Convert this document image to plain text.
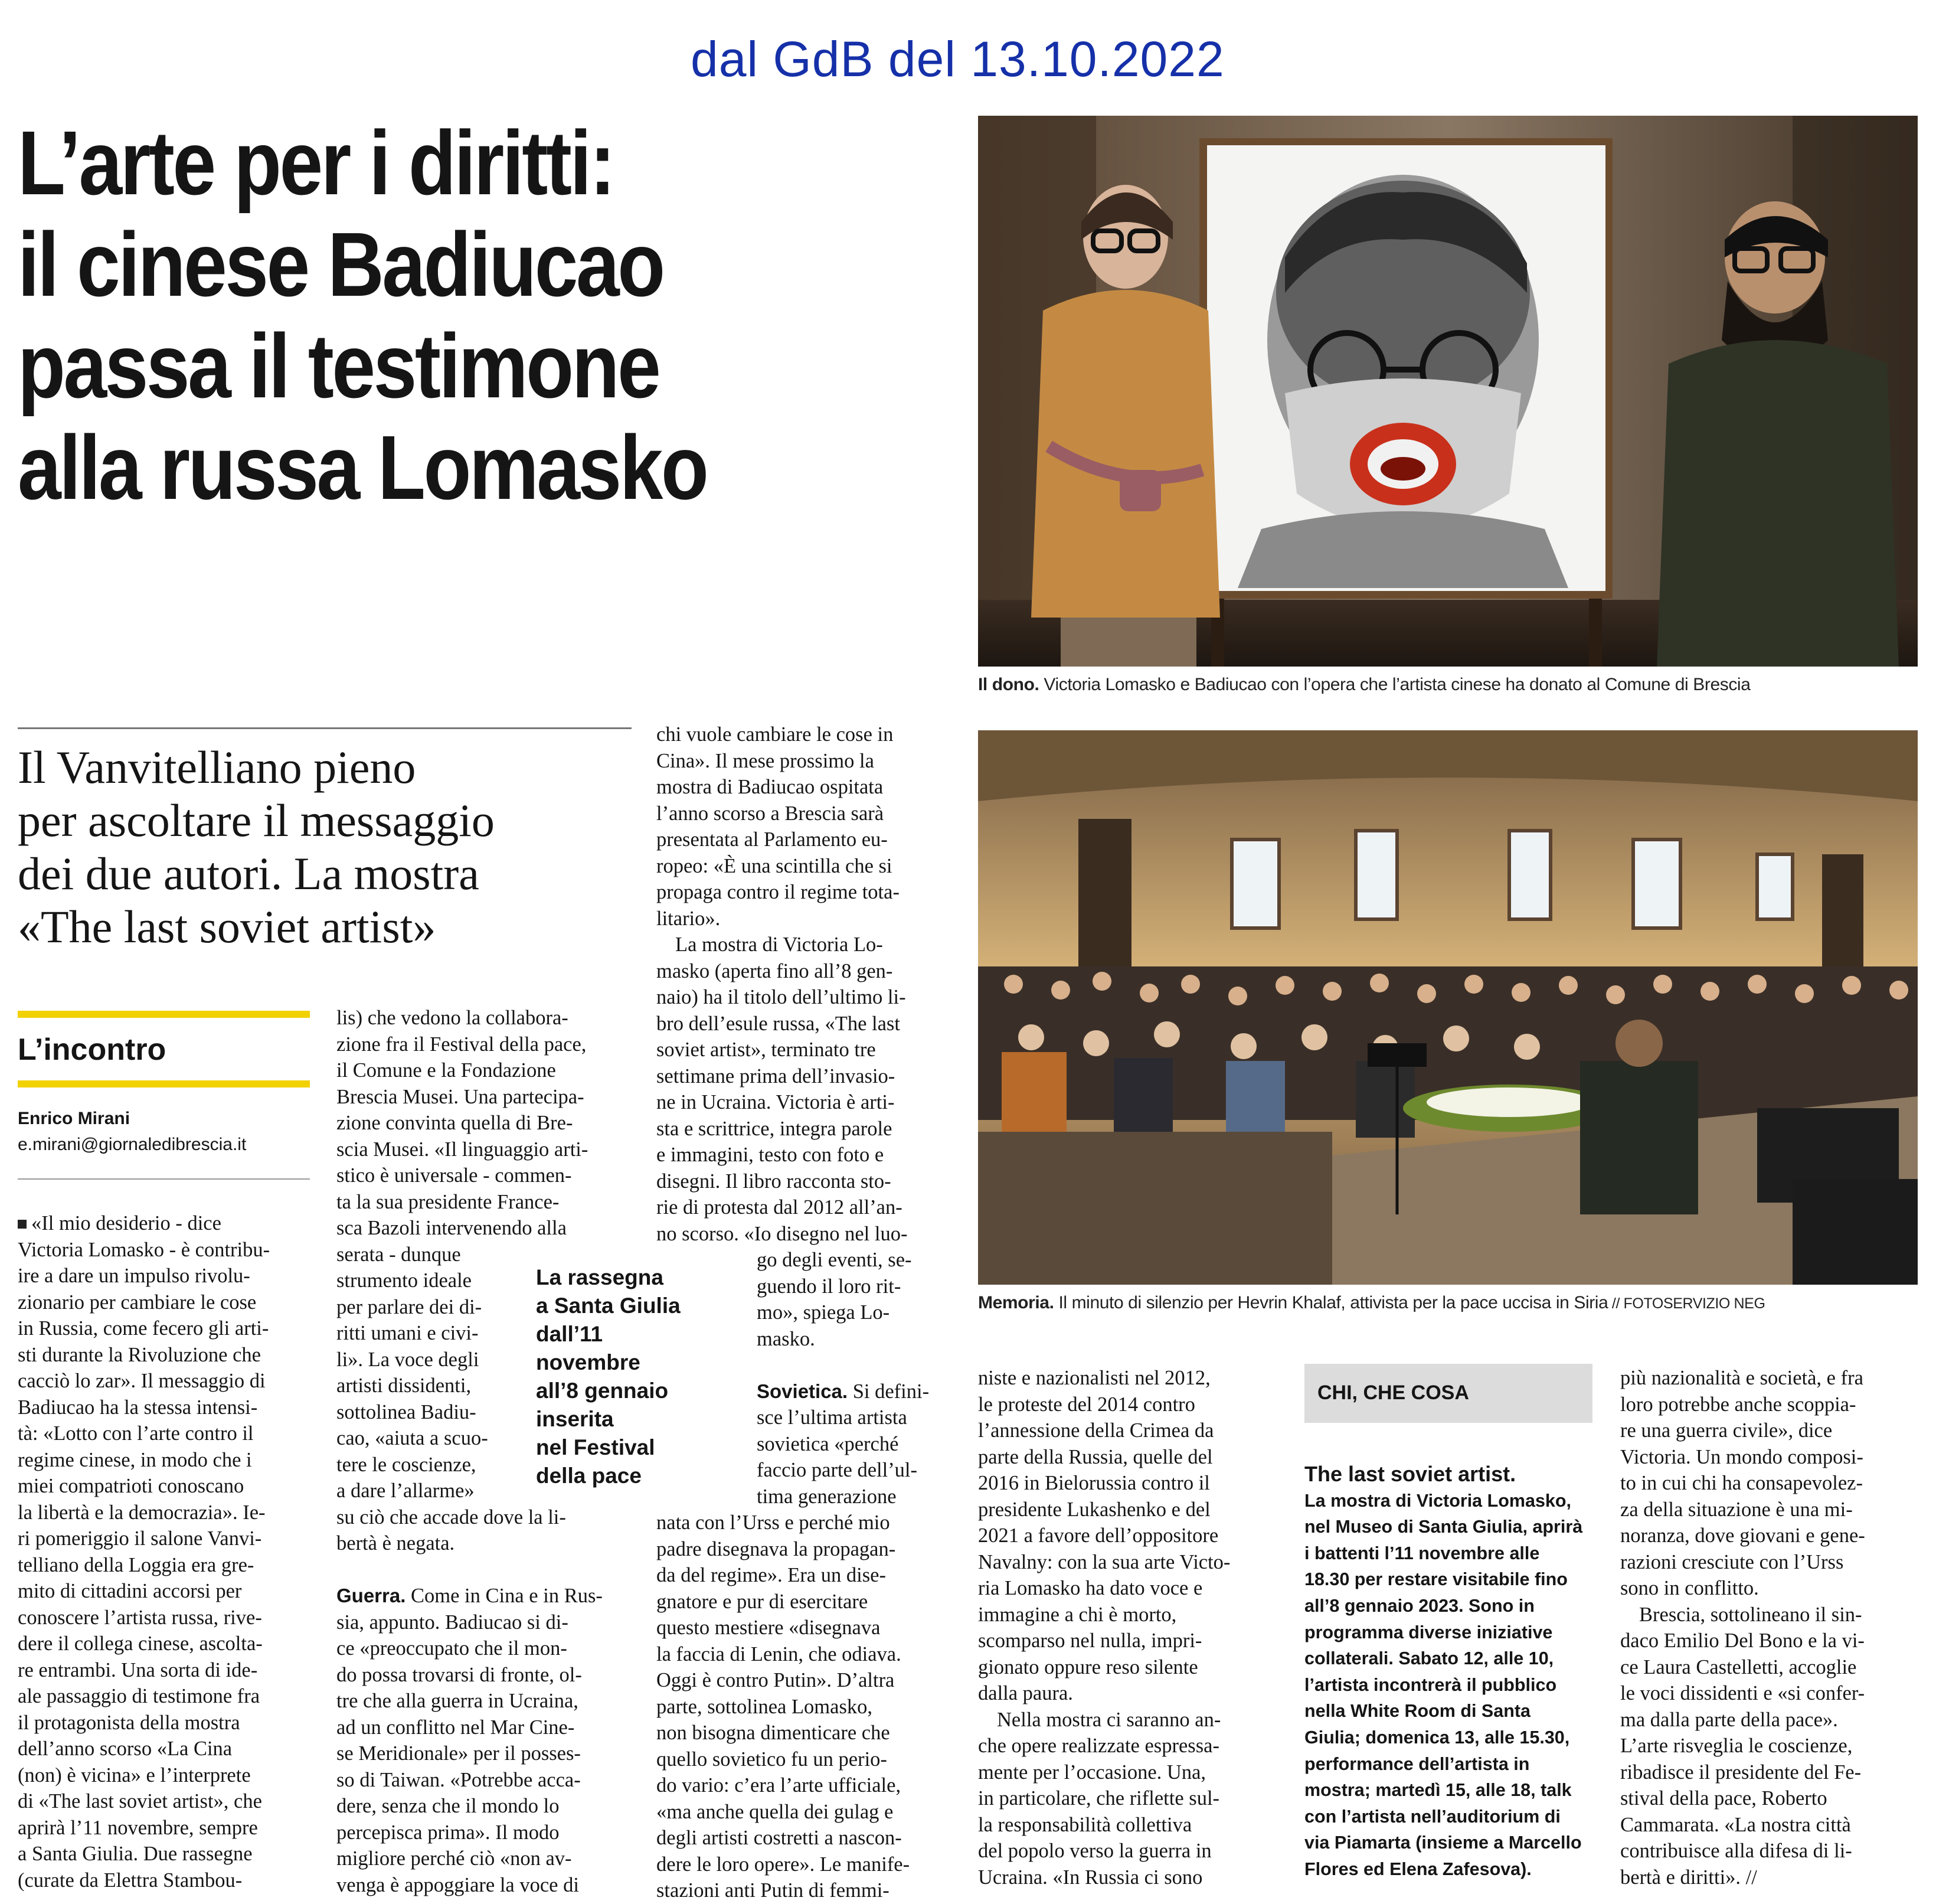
dal GdB del 13.10.2022
L’arte per i diritti:
il cinese Badiucao
passa il testimone
alla russa Lomasko
Il dono. Victoria Lomasko e Badiucao con l’opera che l’artista cinese ha donato al Comune di Brescia
Memoria. Il minuto di silenzio per Hevrin Khalaf, attivista per la pace uccisa in Siria // FOTOSERVIZIO NEG
Il Vanvitelliano pieno
per ascoltare il messaggio
dei due autori. La mostra
«The last soviet artist»
L’incontro
Enrico Mirani
e.mirani@giornaledibrescia.it

«Il mio desiderio - dice

Victoria Lomasko - è contribu-

ire a dare un impulso rivolu-

zionario per cambiare le cose

in Russia, come fecero gli arti-

sti durante la Rivoluzione che

cacciò lo zar». Il messaggio di

Badiucao ha la stessa intensi-

tà: «Lotto con l’arte contro il

regime cinese, in modo che i

miei compatrioti conoscano

la libertà e la democrazia». Ie-

ri pomeriggio il salone Vanvi-

telliano della Loggia era gre-

mito di cittadini accorsi per

conoscere l’artista russa, rive-

dere il collega cinese, ascolta-

re entrambi. Una sorta di ide-

ale passaggio di testimone fra

il protagonista della mostra

dell’anno scorso «La Cina

(non) è vicina» e l’interprete

di «The last soviet artist», che

aprirà l’11 novembre, sempre

a Santa Giulia. Due rassegne

(curate da Elettra Stambou-

lis) che vedono la collabora-

zione fra il Festival della pace,

il Comune e la Fondazione

Brescia Musei. Una partecipa-

zione convinta quella di Bre-

scia Musei. «Il linguaggio arti-

stico è universale - commen-

ta la sua presidente France-

sca Bazoli intervenendo alla

serata - dunque

strumento ideale

per parlare dei di-

ritti umani e civi-

li». La voce degli

artisti dissidenti,

sottolinea Badiu-

cao, «aiuta a scuo-

tere le coscienze,

a dare l’allarme»

su ciò che accade dove la li-

bertà è negata.

Guerra. Come in Cina e in Rus-

sia, appunto. Badiucao si di-

ce «preoccupato che il mon-

do possa trovarsi di fronte, ol-

tre che alla guerra in Ucraina,

ad un conflitto nel Mar Cine-

se Meridionale» per il posses-

so di Taiwan. «Potrebbe acca-

dere, senza che il mondo lo

percepisca prima». Il modo

migliore perché ciò «non av-

venga è appoggiare la voce di

La rassegna
a Santa Giulia
dall’11 novembre
all’8 gennaio
inserita
nel Festival
della pace

chi vuole cambiare le cose in

Cina». Il mese prossimo la

mostra di Badiucao ospitata

l’anno scorso a Brescia sarà

presentata al Parlamento eu-

ropeo: «È una scintilla che si

propaga contro il regime tota-

litario».

La mostra di Victoria Lo-

masko (aperta fino all’8 gen-

naio) ha il titolo dell’ultimo li-

bro dell’esule russa, «The last

soviet artist», terminato tre

settimane prima dell’invasio-

ne in Ucraina. Victoria è arti-

sta e scrittrice, integra parole

e immagini, testo con foto e

disegni. Il libro racconta sto-

rie di protesta dal 2012 all’an-

no scorso. «Io disegno nel luo-

go degli eventi, se-

guendo il loro rit-

mo», spiega Lo-

masko.

Sovietica. Si defini-

sce l’ultima artista

sovietica «perché

faccio parte dell’ul-

tima generazione

nata con l’Urss e perché mio

padre disegnava la propagan-

da del regime». Era un dise-

gnatore e pur di esercitare

questo mestiere «disegnava

la faccia di Lenin, che odiava.

Oggi è contro Putin». D’altra

parte, sottolinea Lomasko,

non bisogna dimenticare che

quello sovietico fu un perio-

do vario: c’era l’arte ufficiale,

«ma anche quella dei gulag e

degli artisti costretti a nascon-

dere le loro opere». Le manife-

stazioni anti Putin di femmi-

niste e nazionalisti nel 2012,

le proteste del 2014 contro

l’annessione della Crimea da

parte della Russia, quelle del

2016 in Bielorussia contro il

presidente Lukashenko e del

2021 a favore dell’oppositore

Navalny: con la sua arte Victo-

ria Lomasko ha dato voce e

immagine a chi è morto,

scomparso nel nulla, impri-

gionato oppure reso silente

dalla paura.

Nella mostra ci saranno an-

che opere realizzate espressa-

mente per l’occasione. Una,

in particolare, che riflette sul-

la responsabilità collettiva

del popolo verso la guerra in

Ucraina. «In Russia ci sono

CHI, CHE COSA

The last soviet artist.

La mostra di Victoria Lomasko,

nel Museo di Santa Giulia, aprirà

i battenti l’11 novembre alle

18.30 per restare visitabile fino

all’8 gennaio 2023. Sono in

programma diverse iniziative

collaterali. Sabato 12, alle 10,

l’artista incontrerà il pubblico

nella White Room di Santa

Giulia; domenica 13, alle 15.30,

performance dell’artista in

mostra; martedì 15, alle 18, talk

con l’artista nell’auditorium di

via Piamarta (insieme a Marcello

Flores ed Elena Zafesova).

più nazionalità e società, e fra

loro potrebbe anche scoppia-

re una guerra civile», dice

Victoria. Un mondo composi-

to in cui chi ha consapevolez-

za della situazione è una mi-

noranza, dove giovani e gene-

razioni cresciute con l’Urss

sono in conflitto.

Brescia, sottolineano il sin-

daco Emilio Del Bono e la vi-

ce Laura Castelletti, accoglie

le voci dissidenti e «si confer-

ma dalla parte della pace».

L’arte risveglia le coscienze,

ribadisce il presidente del Fe-

stival della pace, Roberto

Cammarata. «La nostra città

contribuisce alla difesa di li-

bertà e diritti». //
